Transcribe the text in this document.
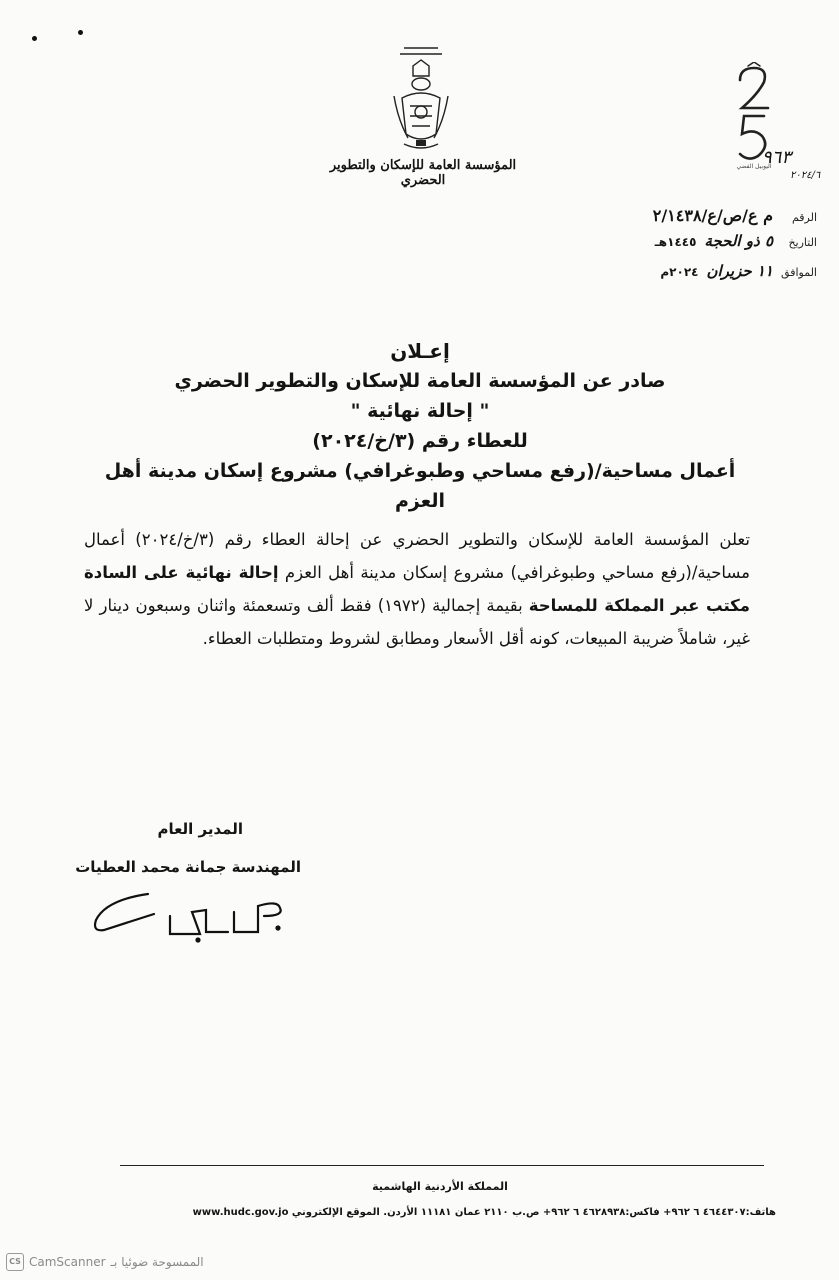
المؤسسة العامة للإسكان والتطوير الحضري
اليوبيل الفضي
٩٦٣
٢٠٢٤/٦
الرقم
م ع/ص/ع/٢/١٤٣٨
التاريخ
٥ ذو الحجة
١٤٤٥هـ
الموافق
١١ حزيران
٢٠٢٤م
إعـلان
صادر عن المؤسسة العامة للإسكان والتطوير الحضري
" إحالة نهائية "
للعطاء رقم (٣/خ/٢٠٢٤)
أعمال مساحية/(رفع مساحي وطبوغرافي) مشروع إسكان مدينة أهل العزم
تعلن المؤسسة العامة للإسكان والتطوير الحضري عن إحالة العطاء رقم (٣/خ/٢٠٢٤) أعمال مساحية/(رفع مساحي وطبوغرافي) مشروع إسكان مدينة أهل العزم إحالة نهائية على السادة مكتب عبر المملكة للمساحة بقيمة إجمالية (١٩٧٢) فقط ألف وتسعمئة واثنان وسبعون دينار لا غير، شاملاً ضريبة المبيعات، كونه أقل الأسعار ومطابق لشروط ومتطلبات العطاء.
المدير العام
المهندسة جمانة محمد العطيات
المملكة الأردنية الهاشمية
هاتف:٤٦٤٤٣٠٧ ٦ ٩٦٢+ فاكس:٤٦٢٨٩٣٨ ٦ ٩٦٢+ ص.ب ٢١١٠ عمان ١١١٨١ الأردن. الموقع الإلكتروني www.hudc.gov.jo
CS CamScanner الممسوحة ضوئيا بـ
